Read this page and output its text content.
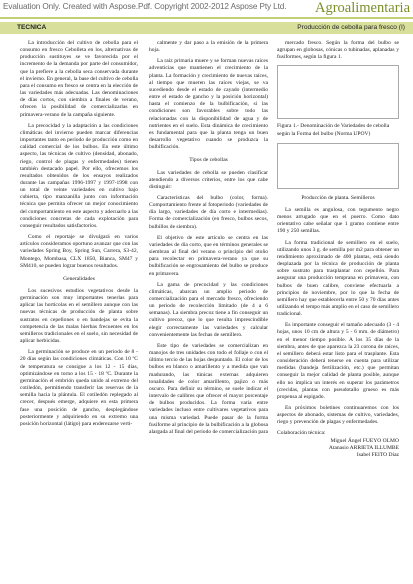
Evaluation Only. Created with Aspose.Pdf. Copyright 2002-2012 Aspose Pty Ltd. Agroalimentaria
TECNICA	Producción de cebolla para fresco (I)

La introducción del cultivo de cebolla para el consumo en fresco Cebolleta en los, alternativas de producción sustituyes se ve favorecida por el incremento de la demanda por parte del consumidor, que la prefiere a la cebolla seca conservada durante el invierno. En general, la base del cultivo de cebolla para el consumo en fresco se centra en la elección de las variedades más adecuadas. Las denominaciones de días cortos, con siembra a finales de verano, ofrecen la posibilidad de comercializarlas en primavera-verano de la campaña siguiente.

La precocidad y la adaptación a las condiciones climáticas del invierno pueden marcar diferencias importantes tanto en periodo de producción como en calidad comercial de los bulbos. En este último aspecto, las técnicas de cultivo (densidad, abonado, riego, control de plagas y enfermedades) tienen también destacado papel. Por ello, ofrecemos los resultados obtenidos de los ensayos realizados durante las campañas 1996-1997 y 1997-1998 con un total de veinte variedades en cultivo bajo cubierta, tipo manzanilla junto con información técnica que permita ofrecer un mejor conocimiento del comportamiento en este aspecto y adecuarlo a las condiciones concretas de cada explotación para conseguir resultados satisfactorios.

Como el reportaje se divulgará en varios artículos consideramos oportuno avanzar que con las variedades Spring Boy, Spring Sun, Carrera, S3-42, Montego, Mombasa, CLX 1850, Bianca, SM47 y SM410, se pueden lograr buenos resultados.

Generalidades

Los sucesivos estudios vegetativos desde la germinación son muy importantes tenerlas para aplicar las hortícolas en el semillero aunque con las nuevas técnicas de producción de planta sobre sustratos en cepellones o en bandejas se evita la competencia de las malas hierbas frecuentes en los semilleros tradicionales en el suelo, sin necesidad de aplicar herbicidas.

La germinación se produce en un periodo de 8 - 20 días según las condiciones climáticas. Con 10 ºC de temperatura se consigue a los 12 - 15 días, optimizándose en torno a los 15 - 18 ºC. Durante la germinación el embrión queda unido al extremo del cotiledón, permitiendo transferir las reservas de la semilla hacia la plántula. El cotiledón replegado al crecer, después emerge, adquiere en esta primera fase una posición de gancho, desplegándose posteriormente y adquiriendo en su extremo una posición horizontal (látigo) para enderezarse verti-

calmente y dar paso a la emisión de la primera hoja.

La raíz primaria muere y se forman nuevas raíces adventicias que mantienen el crecimiento de la planta. La formación y crecimiento de nuevas raíces, al tiempo que mueren las raíces viejas, se va sucediendo desde el estado de cayado (intermedio entre el estado de gancho y la posición horizontal) hasta el comienzo de la bulbificación, si las condiciones son favorables sobre todo las relacionadas con la disponibilidad de agua y de nutrientes en el suelo. Esta dinámica de crecimiento es fundamental para que la planta tenga un buen desarrollo vegetativo cuando se produzca la bulbificación.

Tipos de cebollas

Las variedades de cebolla se pueden clasificar atendiendo a diversos criterios, entre los que cabe distinguir:

Características del bulbo (color, forma). Comportamiento frente al fotoperiodo (variedades de día largo, variedades de día corto e intermedias). Forma de comercialización (en fresco, bulbos secos, bulbillos de siembra).

El objetivo de este artículo se centra en las variedades de día corto, que en términos generales se siembran al final del verano o principio del otoño para recolectar en primavera-verano ya que su bulbificación se engrosamiento del bulbo se produce en primavera.

La gama de precocidad y las condiciones climáticas, abarcan un amplio periodo de comercialización para el mercado fresco, ofreciendo un periodo de recolección limitado (de 4 a 6 semanas). La siembra precoz tiene a fin conseguir un cultivo precoz, que lo que resulta imprescindible elegir correctamente las variedades y calcular convenientemente las fechas de semillero.

Este tipo de variedades se comercializan en manojos de tres unidades con todo el follaje o con el último tercio de las hojas despuntado. El color de los bulbos en blanco o amarillento y a medida que van madurando, las túnicas externas adquieren tonalidades de color amarillento, pajizo o más oscuro. Para definir su término, se suele indicar el intervalo de calibres que ofrecer el mayor porcentaje de bulbos producidos. La forma varia entre variedades incluso entre cultivares vegetativos para una misma variedad. Puede pasar de la forma fusiforme al principio de la bulbificación a la globosa alargada al final del periodo de comercialización para

mercado fresco. Según la forma del bulbo se agrupan en globosas, cónicas o tubinadas, aplanadas y fusiformes, según la figura 1.

Figura 1.- Denominación de Variedades de cebolla según la Forma del bulbo (Norma UPOV)

Producción de planta. Semilleros

La semilla es angulosa, con tegumento negro menos arrugado que en el puerro. Como dato orientativo cabe señalar que 1 gramo contiene entre 190 y 250 semillas.

La forma tradicional de semillero en el suelo, utilizando unos 3 g. de semilla por m2 para obtener un rendimiento aproximado de 400 plantas, está siendo desplazada por la técnica de producción de planta sobre sustrato para trasplantar con cepellón. Para asegurar una producción temprana en primavera, con bulbos de buen calibre, conviene efectuarla a principios de noviembre, por lo que la fecha de semillero hay que establecerla entre 50 y 70 días antes utilizando el tempo más amplio en el caso de semillero tradicional.

Es importante conseguir el tamaño adecuado (3 - 4 hojas, unos 10 cm de altura y 5 - 6 mm. de diámetro) en el menor tiempo posible. A los 35 días de la siembra, antes de que aparezca la 23 corona de raíces, el semillero deberá estar listo para el trasplante. Esta consideración deberá tenerse en cuenta para utilizar medidas (bandeja fertilización, etc.) que permitan conseguir la mejor calidad de planta posible, aunque ello no implica un interés en superar los parámetros (crecidas, plantas con pseudotallo grueso es más propensa al espigado.

En próximos boletines continuaremos con los aspectos de abonado, sistemas de cultivo, variedades, riego y prevención de plagas y enfermedades.

Colaboración técnica:

Miguel Ángel FUEYO OLMO

Atanasio ARRIETA ILLUMBE

Isabel FEITO Díaz
